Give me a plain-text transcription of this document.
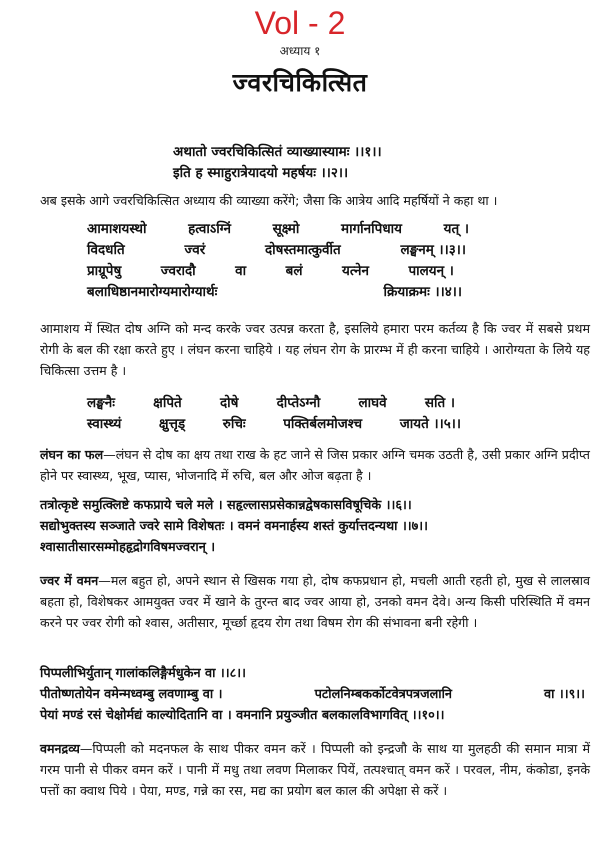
Vol - 2
अध्याय १
ज्वरचिकित्सित
अथातो ज्वरचिकित्सितं व्याख्यास्यामः ।।१।।
इति ह स्माहुरात्रेयादयो महर्षयः ।।२।।
अब इसके आगे ज्वरचिकित्सित अध्याय की व्याख्या करेंगे; जैसा कि आत्रेय आदि महर्षियों ने कहा था ।
आमाशयस्थो	हत्वाऽग्निं	सूक्ष्मो	मार्गानपिधाय	यत् ।
विदधति	ज्वरं	दोषस्तमात्कुर्वीत	लङ्घनम् ।।३।।
प्राग्रूपेषु	ज्वरादौ	वा	बलं	यत्नेन	पालयन् ।
बलाधिष्ठानमारोग्यमारोग्यार्थः	क्रियाक्रमः ।।४।।
आमाशय में स्थित दोष अग्नि को मन्द करके ज्वर उत्पन्न करता है, इसलिये हमारा परम कर्तव्य है कि ज्वर में सबसे प्रथम रोगी के बल की रक्षा करते हुए । लंघन करना चाहिये । यह लंघन रोग के प्रारम्भ में ही करना चाहिये । आरोग्यता के लिये यह चिकित्सा उत्तम है ।
लङ्घनैः	क्षपिते	दोषे	दीप्तेऽग्नौ	लाघवे	सति ।
स्वास्थ्यं	क्षुत्तृड्	रुचिः	पक्तिर्बलमोजश्च	जायते ।।५।।
लंघन का फल—लंघन से दोष का क्षय तथा राख के हट जाने से जिस प्रकार अग्नि चमक उठती है, उसी प्रकार अग्नि प्रदीप्त होने पर स्वास्थ्य, भूख, प्यास, भोजनादि में रुचि, बल और ओज बढ़ता है ।
तत्रोत्कृष्टे समुत्क्लिष्टे कफप्राये चले मले । सहृल्लासप्रसेकान्नद्वेषकासविषूचिके ।।६।।
सद्योभुक्तस्य सञ्जाते ज्वरे सामे विशेषतः । वमनं वमनार्हस्य शस्तं कुर्यात्तदन्यथा ।।७।।
श्वासातीसारसम्मोहहृद्रोगविषमज्वरान् ।
ज्वर में वमन—मल बहुत हो, अपने स्थान से खिसक गया हो, दोष कफप्रधान हो, मचली आती रहती हो, मुख से लालस्राव बहता हो, विशेषकर आमयुक्त ज्वर में खाने के तुरन्त बाद ज्वर आया हो, उनको वमन देवे। अन्य किसी परिस्थिति में वमन करने पर ज्वर रोगी को श्वास, अतीसार, मूर्च्छा हृदय रोग तथा विषम रोग की संभावना बनी रहेगी ।
पिप्पलीभिर्युतान् गालांकलिङ्गैर्मधुकेन वा ।।८।।
पीतोष्णतोयेन वमेन्मध्वम्बु लवणाम्बु वा ।	पटोलनिम्बकर्कोटवेत्रपत्रजलानि	वा ।।९।।
पेयां मण्डं रसं चेक्षोर्मद्यं काल्योदितानि वा । वमनानि प्रयुञ्जीत बलकालविभागवित् ।।१०।।
वमनद्रव्य—पिप्पली को मदनफल के साथ पीकर वमन करें । पिप्पली को इन्द्रजौ के साथ या मुलहठी की समान मात्रा में गरम पानी से पीकर वमन करें । पानी में मधु तथा लवण मिलाकर पियें, तत्पश्चात् वमन करें । परवल, नीम, कंकोडा, इनके पत्तों का क्वाथ पिये । पेया, मण्ड, गन्ने का रस, मद्य का प्रयोग बल काल की अपेक्षा से करें ।
